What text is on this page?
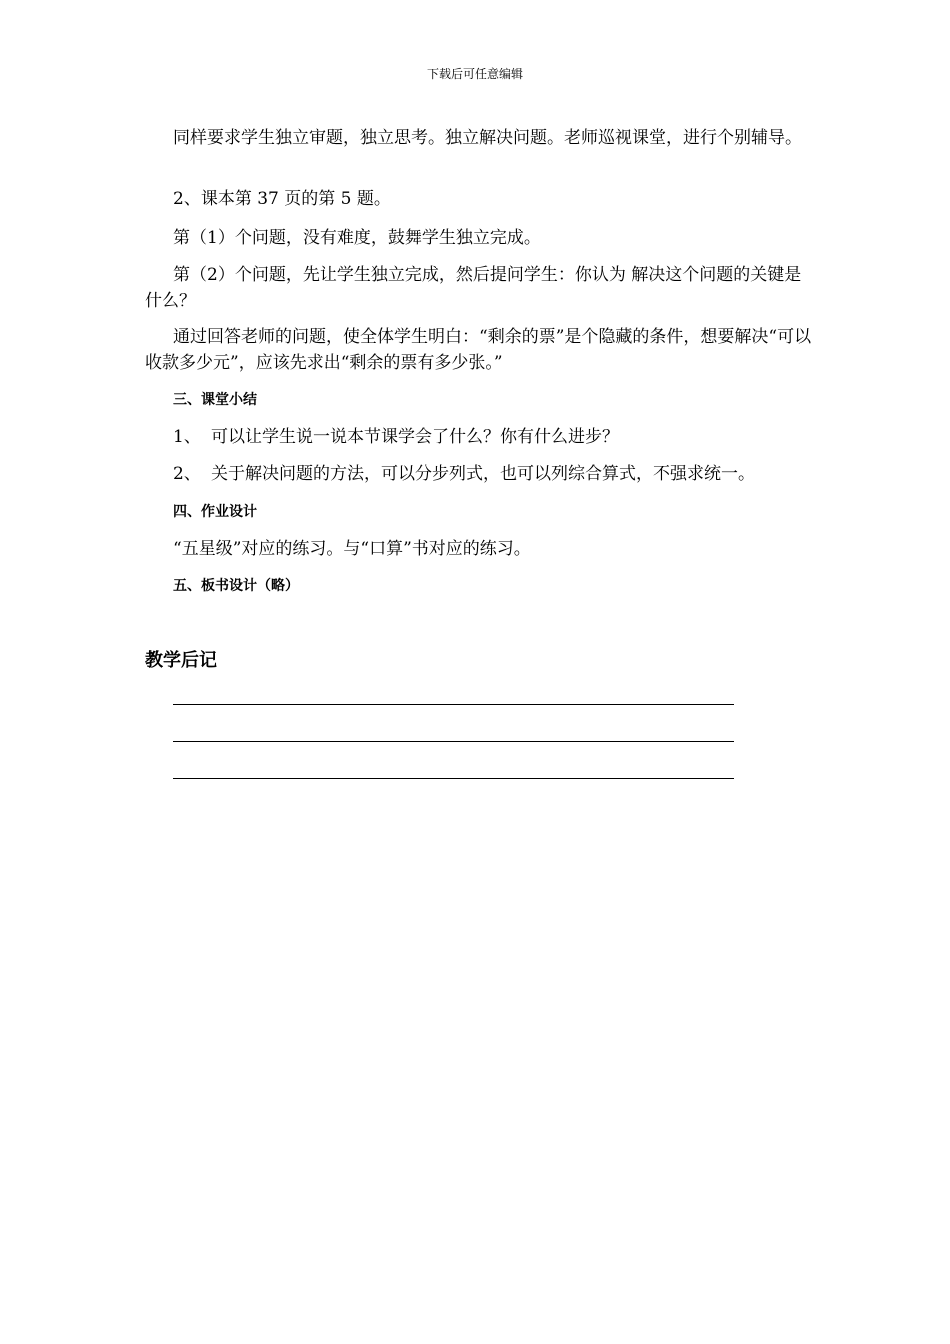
下载后可任意编辑

同样要求学生独立审题，独立思考。独立解决问题。老师巡视课堂，进行个别辅导。

2、课本第 37 页的第 5 题。

第（1）个问题，没有难度，鼓舞学生独立完成。

第（2）个问题，先让学生独立完成，然后提问学生：你认为 解决这个问题的关键是什么？

通过回答老师的问题，使全体学生明白：“剩余的票”是个隐藏的条件，想要解决“可以收款多少元”，应该先求出“剩余的票有多少张。”

三、课堂小结

1、 可以让学生说一说本节课学会了什么？你有什么进步？

2、 关于解决问题的方法，可以分步列式，也可以列综合算式，不强求统一。

四、作业设计

“五星级”对应的练习。与“口算”书对应的练习。

五、板书设计（略）
教学后记
